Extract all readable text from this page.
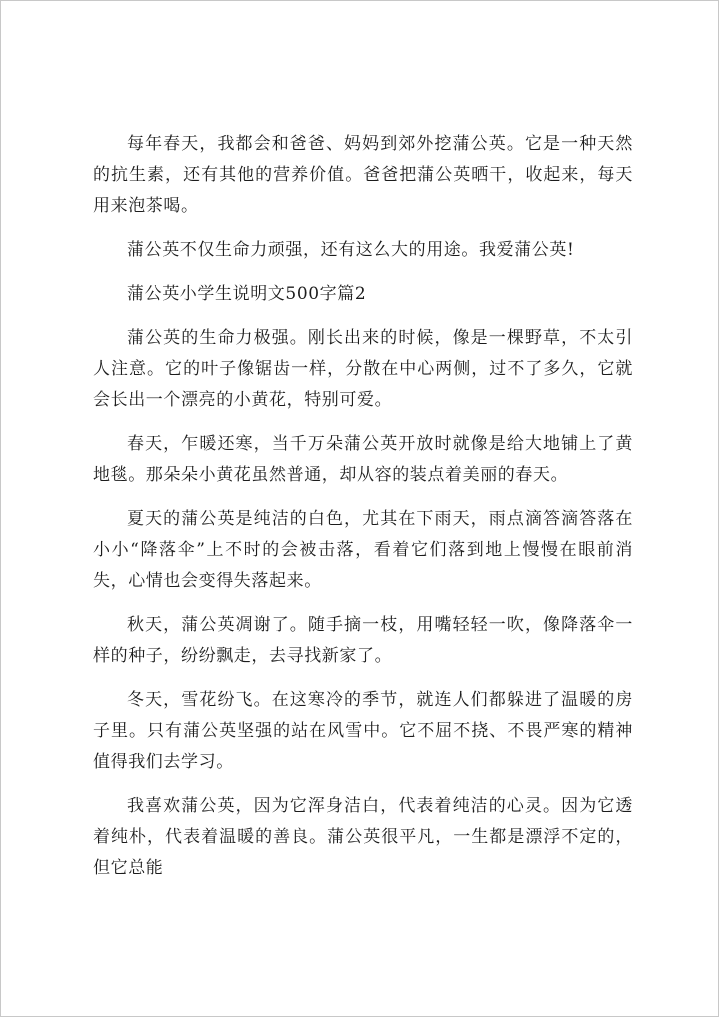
每年春天，我都会和爸爸、妈妈到郊外挖蒲公英。它是一种天然的抗生素，还有其他的营养价值。爸爸把蒲公英晒干，收起来，每天用来泡茶喝。

蒲公英不仅生命力顽强，还有这么大的用途。我爱蒲公英!

蒲公英小学生说明文500字篇2

蒲公英的生命力极强。刚长出来的时候，像是一棵野草，不太引人注意。它的叶子像锯齿一样，分散在中心两侧，过不了多久，它就会长出一个漂亮的小黄花，特别可爱。

春天，乍暖还寒，当千万朵蒲公英开放时就像是给大地铺上了黄地毯。那朵朵小黄花虽然普通，却从容的装点着美丽的春天。

夏天的蒲公英是纯洁的白色，尤其在下雨天，雨点滴答滴答落在小小“降落伞”上不时的会被击落，看着它们落到地上慢慢在眼前消失，心情也会变得失落起来。

秋天，蒲公英凋谢了。随手摘一枝，用嘴轻轻一吹，像降落伞一样的种子，纷纷飘走，去寻找新家了。

冬天，雪花纷飞。在这寒冷的季节，就连人们都躲进了温暖的房子里。只有蒲公英坚强的站在风雪中。它不屈不挠、不畏严寒的精神值得我们去学习。

我喜欢蒲公英，因为它浑身洁白，代表着纯洁的心灵。因为它透着纯朴，代表着温暖的善良。蒲公英很平凡，一生都是漂浮不定的，但它总能
